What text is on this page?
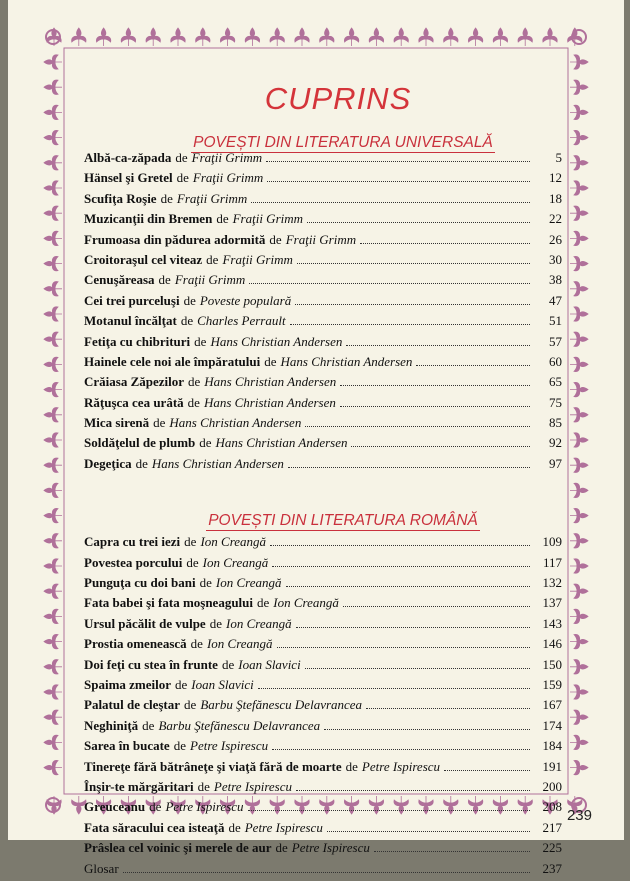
CUPRINS
POVEȘTI DIN LITERATURA UNIVERSALĂ
Albă-ca-zăpada de Fraţii Grimm	5
Hänsel şi Gretel de Fraţii Grimm	12
Scufiţa Roşie de Fraţii Grimm	18
Muzicanţii din Bremen de Fraţii Grimm	22
Frumoasa din pădurea adormită de Fraţii Grimm	26
Croitoraşul cel viteaz de Fraţii Grimm	30
Cenuşăreasa de Fraţii Grimm	38
Cei trei purceluşi de Poveste populară	47
Motanul încălţat de Charles Perrault	51
Fetiţa cu chibrituri de Hans Christian Andersen	57
Hainele cele noi ale împăratului de Hans Christian Andersen	60
Crăiasa Zăpezilor de Hans Christian Andersen	65
Răţuşca cea urâtă de Hans Christian Andersen	75
Mica sirenă de Hans Christian Andersen	85
Soldăţelul de plumb de Hans Christian Andersen	92
Degeţica de Hans Christian Andersen	97
POVEȘTI DIN LITERATURA ROMÂNĂ
Capra cu trei iezi de Ion Creangă	109
Povestea porcului de Ion Creangă	117
Punguţa cu doi bani de Ion Creangă	132
Fata babei şi fata moşneagului de Ion Creangă	137
Ursul păcălit de vulpe de Ion Creangă	143
Prostia omenească de Ion Creangă	146
Doi feţi cu stea în frunte de Ioan Slavici	150
Spaima zmeilor de Ioan Slavici	159
Palatul de cleştar de Barbu Ştefănescu Delavrancea	167
Neghiniţă de Barbu Ştefănescu Delavrancea	174
Sarea în bucate de Petre Ispirescu	184
Tinereţe fără bătrâneţe şi viaţă fără de moarte de Petre Ispirescu	191
Înşir-te mărgăritari de Petre Ispirescu	200
Greuceanu de Petre Ispirescu	208
Fata săracului cea isteaţă de Petre Ispirescu	217
Prâslea cel voinic şi merele de aur de Petre Ispirescu	225
Glosar	237
239
